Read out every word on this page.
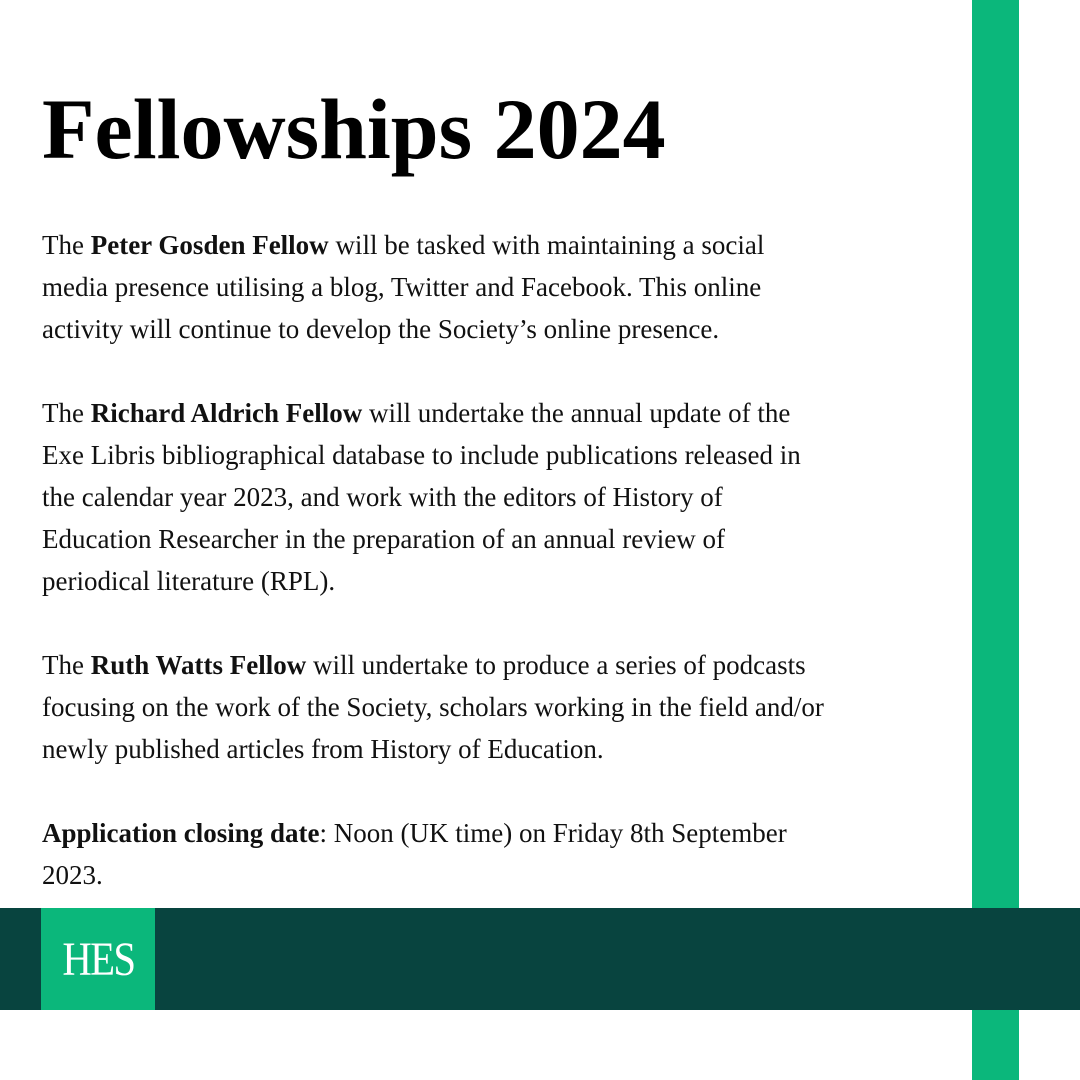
Fellowships 2024

The Peter Gosden Fellow will be tasked with maintaining a social
media presence utilising a blog, Twitter and Facebook. This online
activity will continue to develop the Society’s online presence.

The Richard Aldrich Fellow will undertake the annual update of the
Exe Libris bibliographical database to include publications released in
the calendar year 2023, and work with the editors of History of
Education Researcher in the preparation of an annual review of
periodical literature (RPL).

The Ruth Watts Fellow will undertake to produce a series of podcasts
focusing on the work of the Society, scholars working in the field and/or
newly published articles from History of Education.

Application closing date: Noon (UK time) on Friday 8th September
2023.

HES
